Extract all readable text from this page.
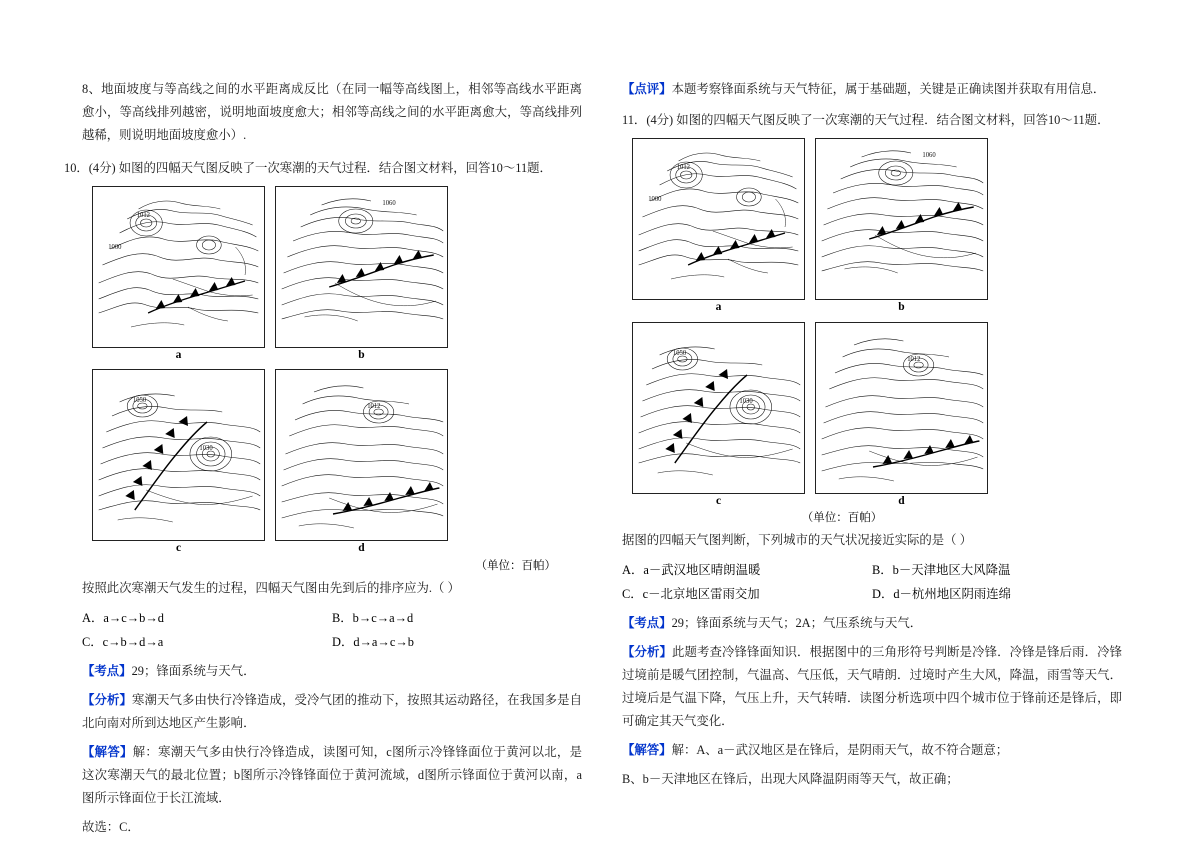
8、地面坡度与等高线之间的水平距离成反比（在同一幅等高线图上，相邻等高线水平距离愈小，等高线排列越密，说明地面坡度愈大；相邻等高线之间的水平距离愈大，等高线排列越稀，则说明地面坡度愈小）.

10．(4分) 如图的四幅天气图反映了一次寒潮的天气过程．结合图文材料，回答10～11题．

1012
1000
a
1060
b
1050
1030
c
1012
d
（单位：百帕）

按照此次寒潮天气发生的过程，四幅天气图由先到后的排序应为.（ ）

A．a→c→b→d	B．b→c→a→d
C．c→b→d→a	D．d→a→c→b

【考点】29；锋面系统与天气．

【分析】寒潮天气多由快行冷锋造成，受冷气团的推动下，按照其运动路径，在我国多是自北向南对所到达地区产生影响．

【解答】解：寒潮天气多由快行冷锋造成，读图可知，c图所示冷锋锋面位于黄河以北，是这次寒潮天气的最北位置；b图所示冷锋锋面位于黄河流域，d图所示锋面位于黄河以南，a图所示锋面位于长江流域．

故选：C．

【点评】本题考察锋面系统与天气特征，属于基础题，关键是正确读图并获取有用信息．

11．(4分) 如图的四幅天气图反映了一次寒潮的天气过程．结合图文材料，回答10～11题．

1012
1000
a
1060
b
1050
1030
c
1012
d
（单位：百帕）

据图的四幅天气图判断，下列城市的天气状况接近实际的是（ ）

A．a－武汉地区晴朗温暖	B．b－天津地区大风降温
C．c－北京地区雷雨交加	D．d－杭州地区阴雨连绵

【考点】29；锋面系统与天气；2A；气压系统与天气．

【分析】此题考查冷锋锋面知识．根据图中的三角形符号判断是冷锋．冷锋是锋后雨．冷锋过境前是暖气团控制，气温高、气压低，天气晴朗．过境时产生大风，降温，雨雪等天气．过境后是气温下降，气压上升，天气转晴．读图分析选项中四个城市位于锋前还是锋后，即可确定其天气变化．

【解答】解：A、a－武汉地区是在锋后，是阴雨天气，故不符合题意；

B、b－天津地区在锋后，出现大风降温阴雨等天气，故正确；
